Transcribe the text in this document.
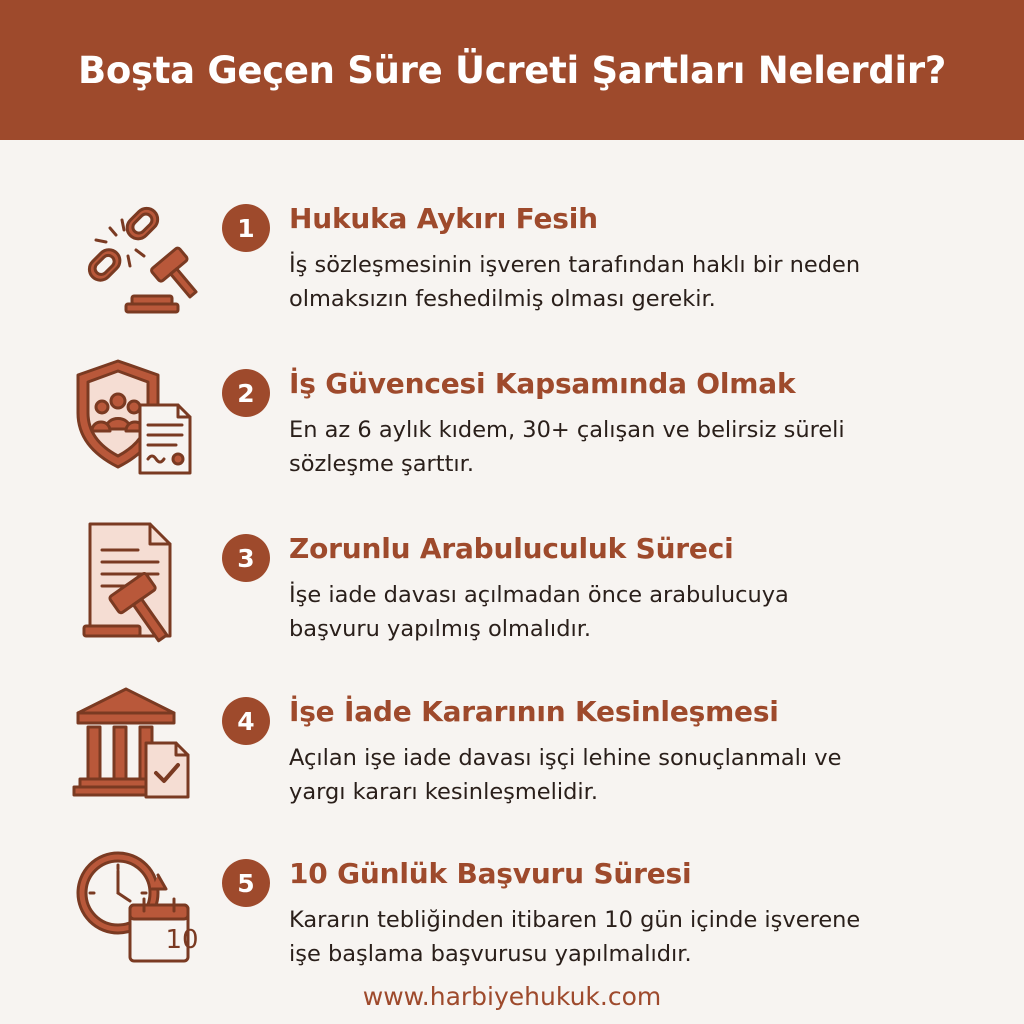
Boşta Geçen Süre Ücreti Şartları Nelerdir?
1	Hukuka Aykırı Fesih
İş sözleşmesinin işveren tarafından haklı bir neden
olmaksızın feshedilmiş olması gerekir.
2	İş Güvencesi Kapsamında Olmak
En az 6 aylık kıdem, 30+ çalışan ve belirsiz süreli
sözleşme şarttır.
3	Zorunlu Arabuluculuk Süreci
İşe iade davası açılmadan önce arabulucuya
başvuru yapılmış olmalıdır.
4	İşe İade Kararının Kesinleşmesi
Açılan işe iade davası işçi lehine sonuçlanmalı ve
yargı kararı kesinleşmelidir.
10
5	10 Günlük Başvuru Süresi
Kararın tebliğinden itibaren 10 gün içinde işverene
işe başlama başvurusu yapılmalıdır.
www.harbiyehukuk.com
